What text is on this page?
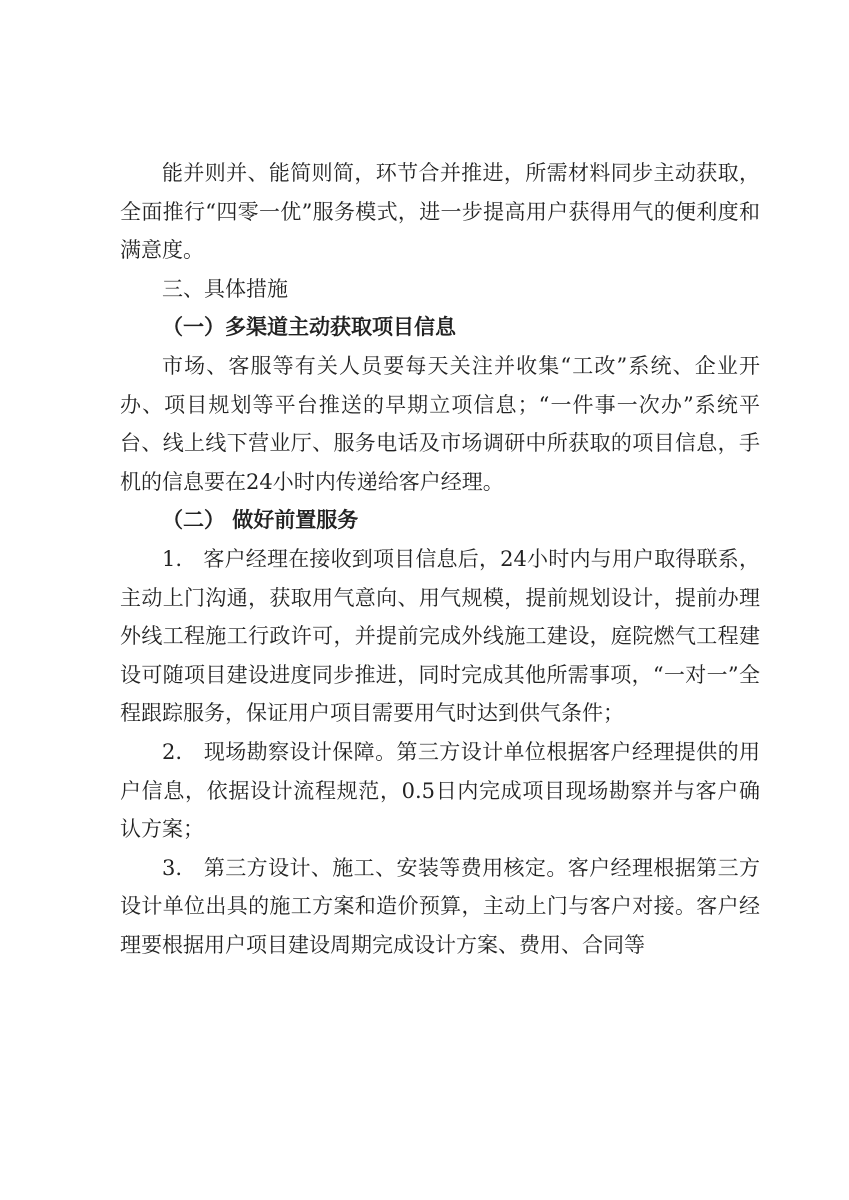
能并则并、能简则简，环节合并推进，所需材料同步主动获取，全面推行“四零一优”服务模式，进一步提高用户获得用气的便利度和满意度。

三、具体措施

（一）多渠道主动获取项目信息

市场、客服等有关人员要每天关注并收集“工改”系统、企业开办、项目规划等平台推送的早期立项信息；“一件事一次办”系统平台、线上线下营业厅、服务电话及市场调研中所获取的项目信息，手机的信息要在24小时内传递给客户经理。

（二） 做好前置服务

1.　客户经理在接收到项目信息后，24小时内与用户取得联系，主动上门沟通，获取用气意向、用气规模，提前规划设计，提前办理外线工程施工行政许可，并提前完成外线施工建设，庭院燃气工程建设可随项目建设进度同步推进，同时完成其他所需事项，“一对一”全程跟踪服务，保证用户项目需要用气时达到供气条件；

2.　现场勘察设计保障。第三方设计单位根据客户经理提供的用户信息，依据设计流程规范，0.5日内完成项目现场勘察并与客户确认方案；

3.　第三方设计、施工、安装等费用核定。客户经理根据第三方设计单位出具的施工方案和造价预算，主动上门与客户对接。客户经理要根据用户项目建设周期完成设计方案、费用、合同等
